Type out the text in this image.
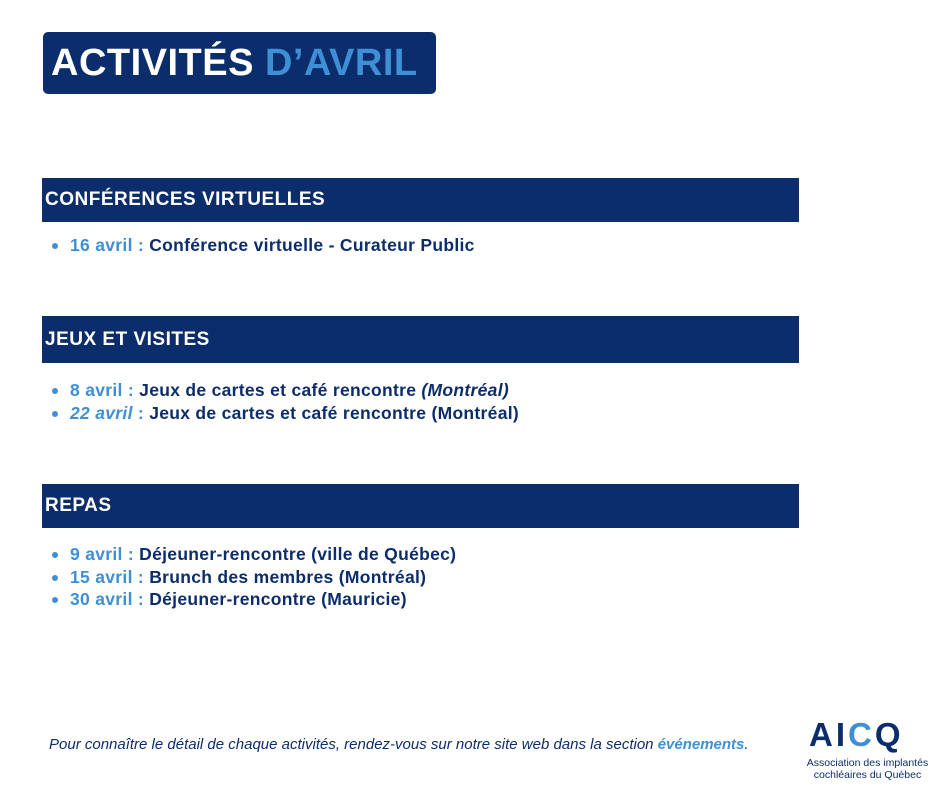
ACTIVITÉS D’AVRIL
CONFÉRENCES VIRTUELLES
16 avril : Conférence virtuelle - Curateur Public
JEUX ET VISITES
8 avril : Jeux de cartes et café rencontre (Montréal)
22 avril : Jeux de cartes et café rencontre (Montréal)
REPAS
9 avril : Déjeuner-rencontre (ville de Québec)
15 avril : Brunch des membres (Montréal)
30 avril : Déjeuner-rencontre (Mauricie)
Pour connaître le détail de chaque activités, rendez-vous sur notre site web dans la section événements. AICQ
Association des implantés
cochléaires du Québec
